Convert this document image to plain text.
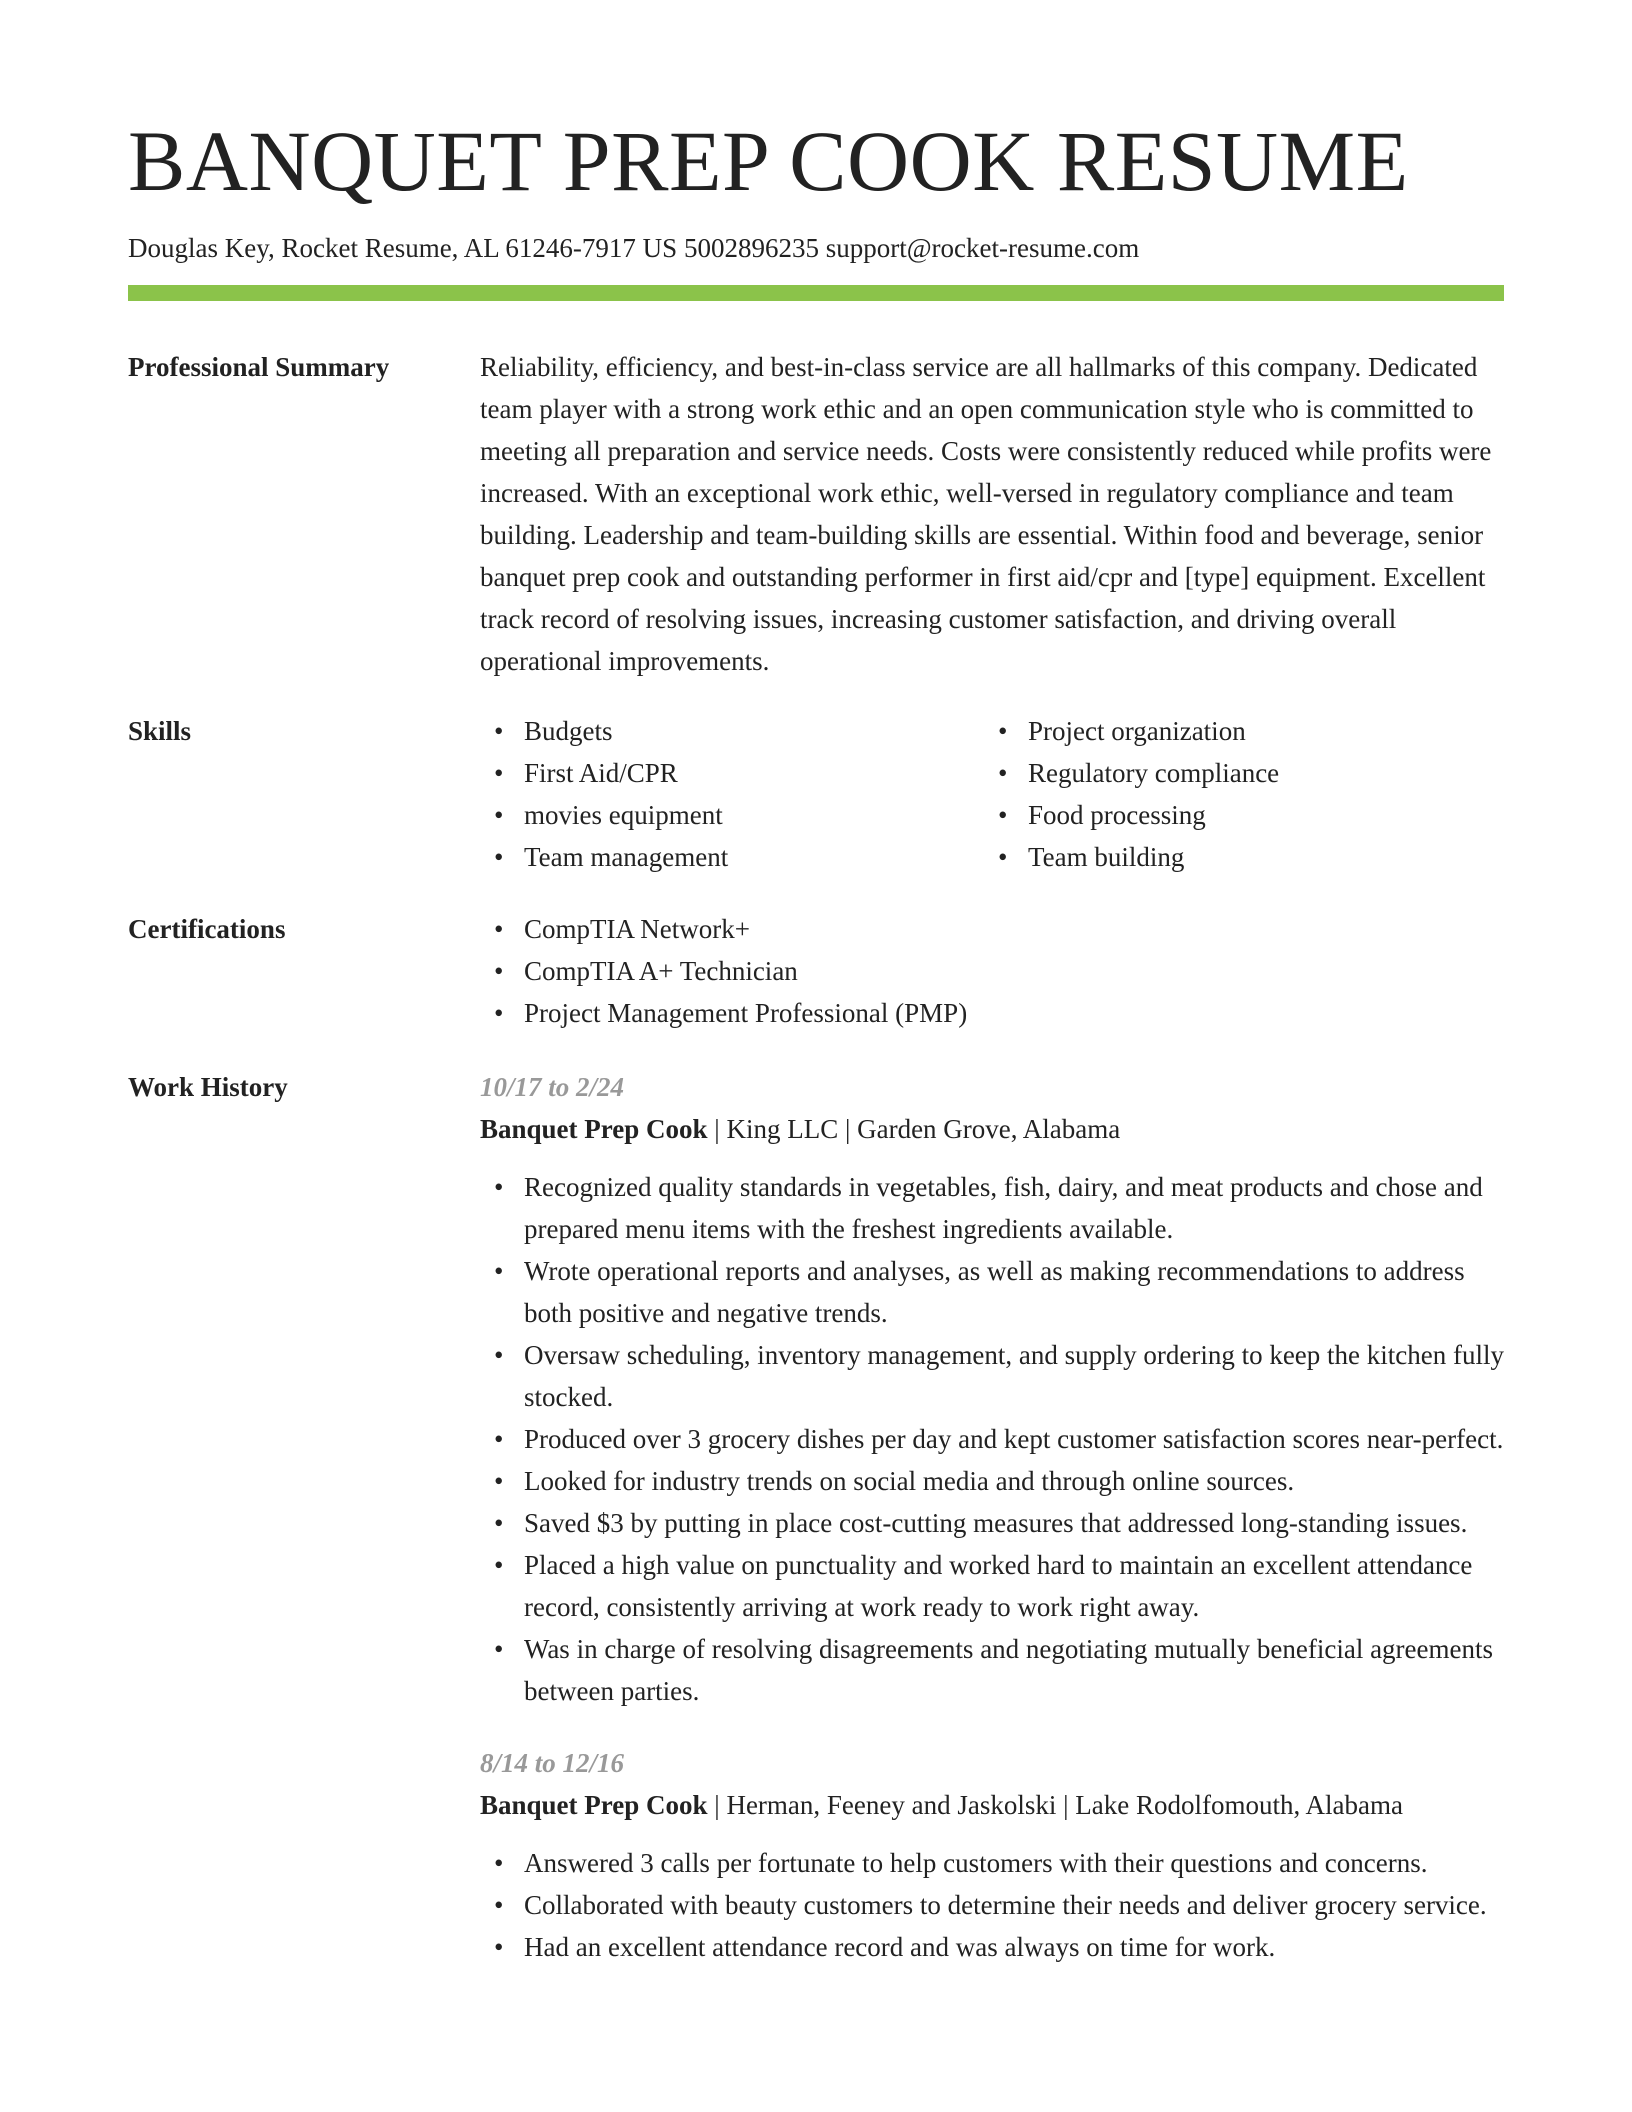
BANQUET PREP COOK RESUME
Douglas Key, Rocket Resume, AL 61246-7917 US 5002896235 support@rocket-resume.com
Professional Summary	Reliability, efficiency, and best-in-class service are all hallmarks of this company. Dedicated team player with a strong work ethic and an open communication style who is committed to meeting all preparation and service needs. Costs were consistently reduced while profits were increased. With an exceptional work ethic, well-versed in regulatory compliance and team building. Leadership and team-building skills are essential. Within food and beverage, senior banquet prep cook and outstanding performer in first aid/cpr and [type] equipment. Excellent track record of resolving issues, increasing customer satisfaction, and driving overall operational improvements.

Skills	• Budgets
• First Aid/CPR
• movies equipment
• Team management
• Project organization
• Regulatory compliance
• Food processing
• Team building
Certifications	• CompTIA Network+
• CompTIA A+ Technician
• Project Management Professional (PMP)
Work History	10/17 to 2/24
Banquet Prep Cook | King LLC | Garden Grove, Alabama
• Recognized quality standards in vegetables, fish, dairy, and meat products and chose and prepared menu items with the freshest ingredients available.
• Wrote operational reports and analyses, as well as making recommendations to address both positive and negative trends.
• Oversaw scheduling, inventory management, and supply ordering to keep the kitchen fully stocked.
• Produced over 3 grocery dishes per day and kept customer satisfaction scores near-perfect.
• Looked for industry trends on social media and through online sources.
• Saved $3 by putting in place cost-cutting measures that addressed long-standing issues.
• Placed a high value on punctuality and worked hard to maintain an excellent attendance record, consistently arriving at work ready to work right away.
• Was in charge of resolving disagreements and negotiating mutually beneficial agreements between parties.
8/14 to 12/16
Banquet Prep Cook | Herman, Feeney and Jaskolski | Lake Rodolfomouth, Alabama
• Answered 3 calls per fortunate to help customers with their questions and concerns.
• Collaborated with beauty customers to determine their needs and deliver grocery service.
• Had an excellent attendance record and was always on time for work.
